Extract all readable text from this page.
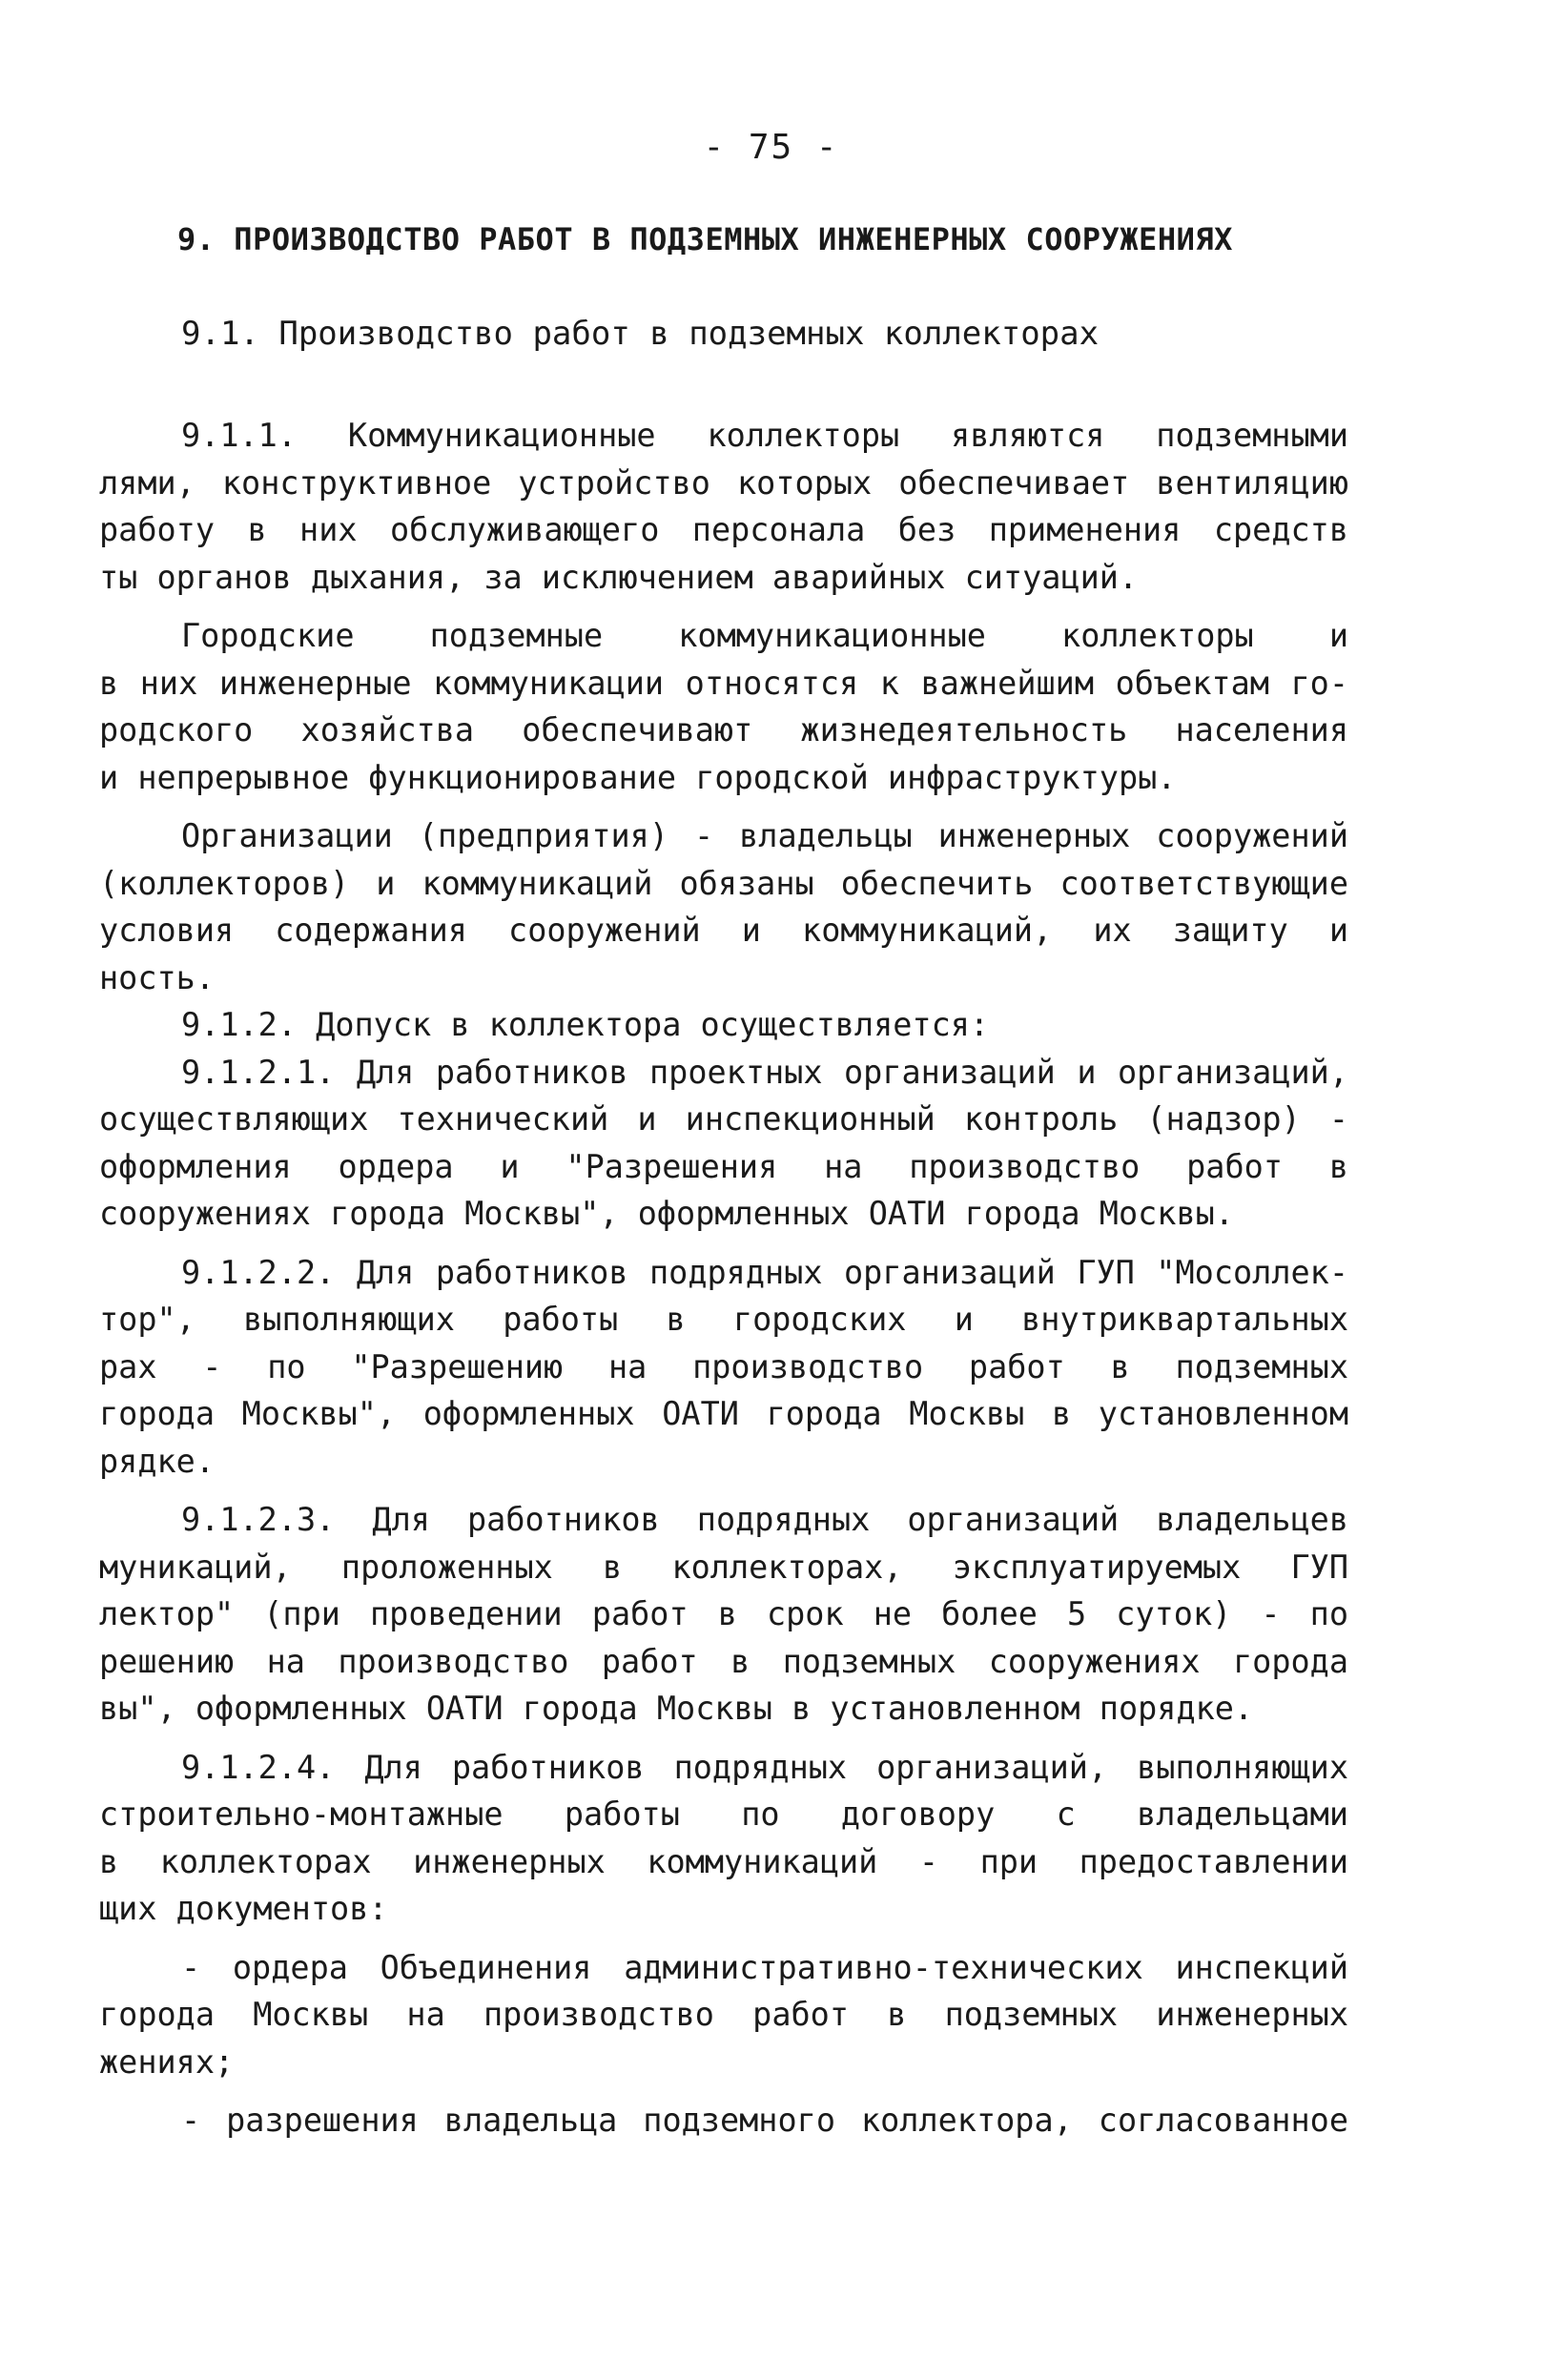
- 75 -
9. ПРОИЗВОДСТВО РАБОТ В ПОДЗЕМНЫХ ИНЖЕНЕРНЫХ СООРУЖЕНИЯХ
9.1. Производство работ в подземных коллекторах
9.1.1. Коммуникационные коллекторы являются подземными
лями, конструктивное устройство которых обеспечивает вентиляцию
работу в них обслуживающего персонала без применения средств
ты органов дыхания, за исключением аварийных ситуаций.
Городские подземные коммуникационные коллекторы и
в них инженерные коммуникации относятся к важнейшим объектам го-
родского хозяйства обеспечивают жизнедеятельность населения
и непрерывное функционирование городской инфраструктуры.
Организации (предприятия) - владельцы инженерных сооружений
(коллекторов) и коммуникаций обязаны обеспечить соответствующие
условия содержания сооружений и коммуникаций, их защиту и
ность.
9.1.2. Допуск в коллектора осуществляется:
9.1.2.1. Для работников проектных организаций и организаций,
осуществляющих технический и инспекционный контроль (надзор) -
оформления ордера и "Разрешения на производство работ в
сооружениях города Москвы", оформленных ОАТИ города Москвы.
9.1.2.2. Для работников подрядных организаций ГУП "Мосоллек-
тор", выполняющих работы в городских и внутриквартальных
рах - по "Разрешению на производство работ в подземных
города Москвы", оформленных ОАТИ города Москвы в установленном
рядке.
9.1.2.3. Для работников подрядных организаций владельцев
муникаций, проложенных в коллекторах, эксплуатируемых ГУП
лектор" (при проведении работ в срок не более 5 суток) - по
решению на производство работ в подземных сооружениях города
вы", оформленных ОАТИ города Москвы в установленном порядке.
9.1.2.4. Для работников подрядных организаций, выполняющих
строительно-монтажные работы по договору с владельцами
в коллекторах инженерных коммуникаций - при предоставлении
щих документов:
- ордера Объединения административно-технических инспекций
города Москвы на производство работ в подземных инженерных
жениях;
- разрешения владельца подземного коллектора, согласованное
